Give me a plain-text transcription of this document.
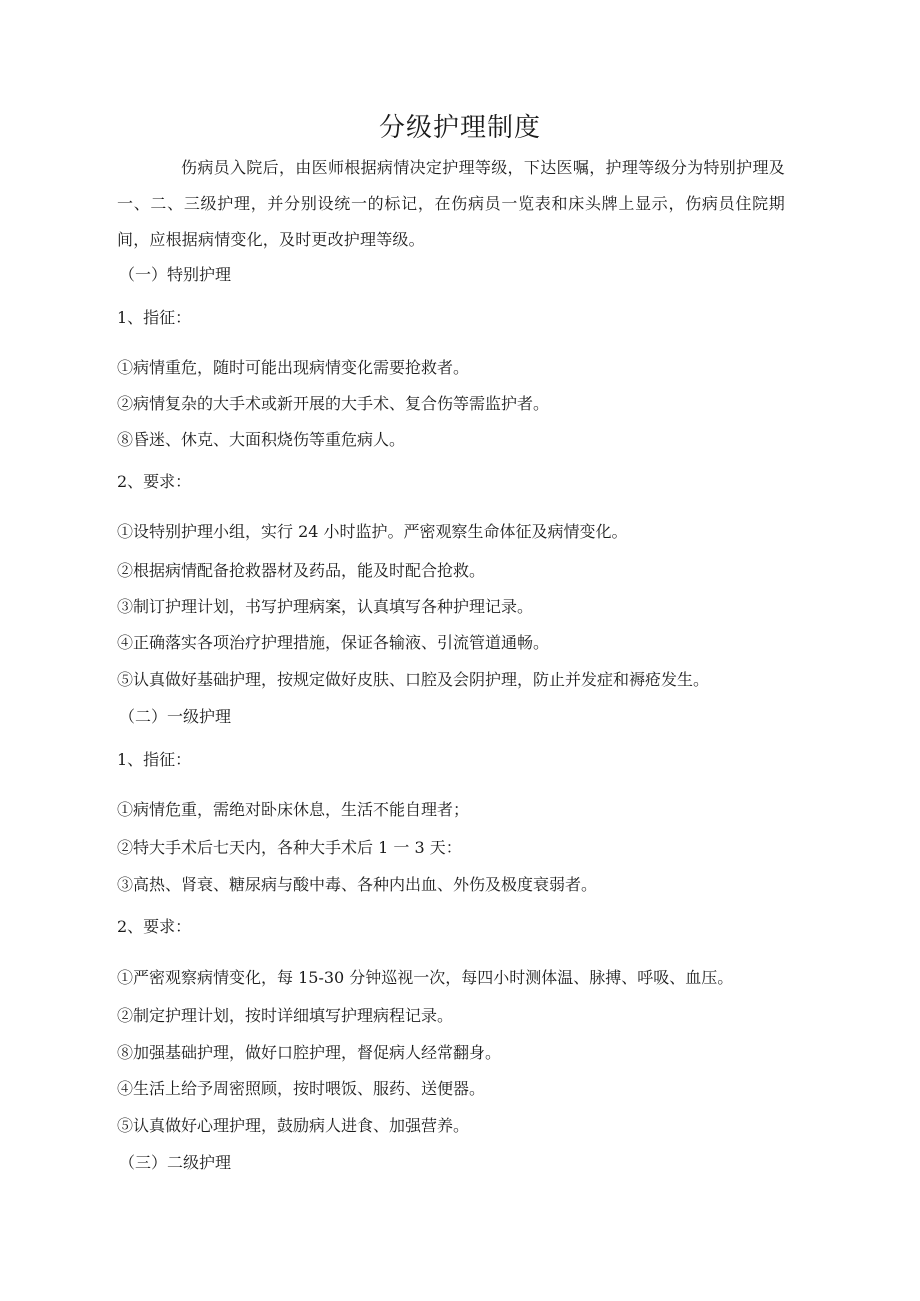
分级护理制度
伤病员入院后，由医师根据病情决定护理等级，下达医嘱，护理等级分为特别护理及一、二、三级护理，并分别设统一的标记，在伤病员一览表和床头牌上显示，伤病员住院期间，应根据病情变化，及时更改护理等级。
（一）特别护理
1、指征：
①病情重危，随时可能出现病情变化需要抢救者。
②病情复杂的大手术或新开展的大手术、复合伤等需监护者。
⑧昏迷、休克、大面积烧伤等重危病人。
2、要求：
①设特别护理小组，实行 24 小时监护。严密观察生命体征及病情变化。
②根据病情配备抢救器材及药品，能及时配合抢救。
③制订护理计划，书写护理病案，认真填写各种护理记录。
④正确落实各项治疗护理措施，保证各输液、引流管道通畅。
⑤认真做好基础护理，按规定做好皮肤、口腔及会阴护理，防止并发症和褥疮发生。
（二）一级护理
1、指征：
①病情危重，需绝对卧床休息，生活不能自理者；
②特大手术后七天内，各种大手术后 1 一 3 天：
③高热、肾衰、糖尿病与酸中毒、各种内出血、外伤及极度衰弱者。
2、要求：
①严密观察病情变化，每 15-30 分钟巡视一次，每四小时测体温、脉搏、呼吸、血压。
②制定护理计划，按时详细填写护理病程记录。
⑧加强基础护理，做好口腔护理，督促病人经常翻身。
④生活上给予周密照顾，按时喂饭、服药、送便器。
⑤认真做好心理护理，鼓励病人进食、加强营养。
（三）二级护理
